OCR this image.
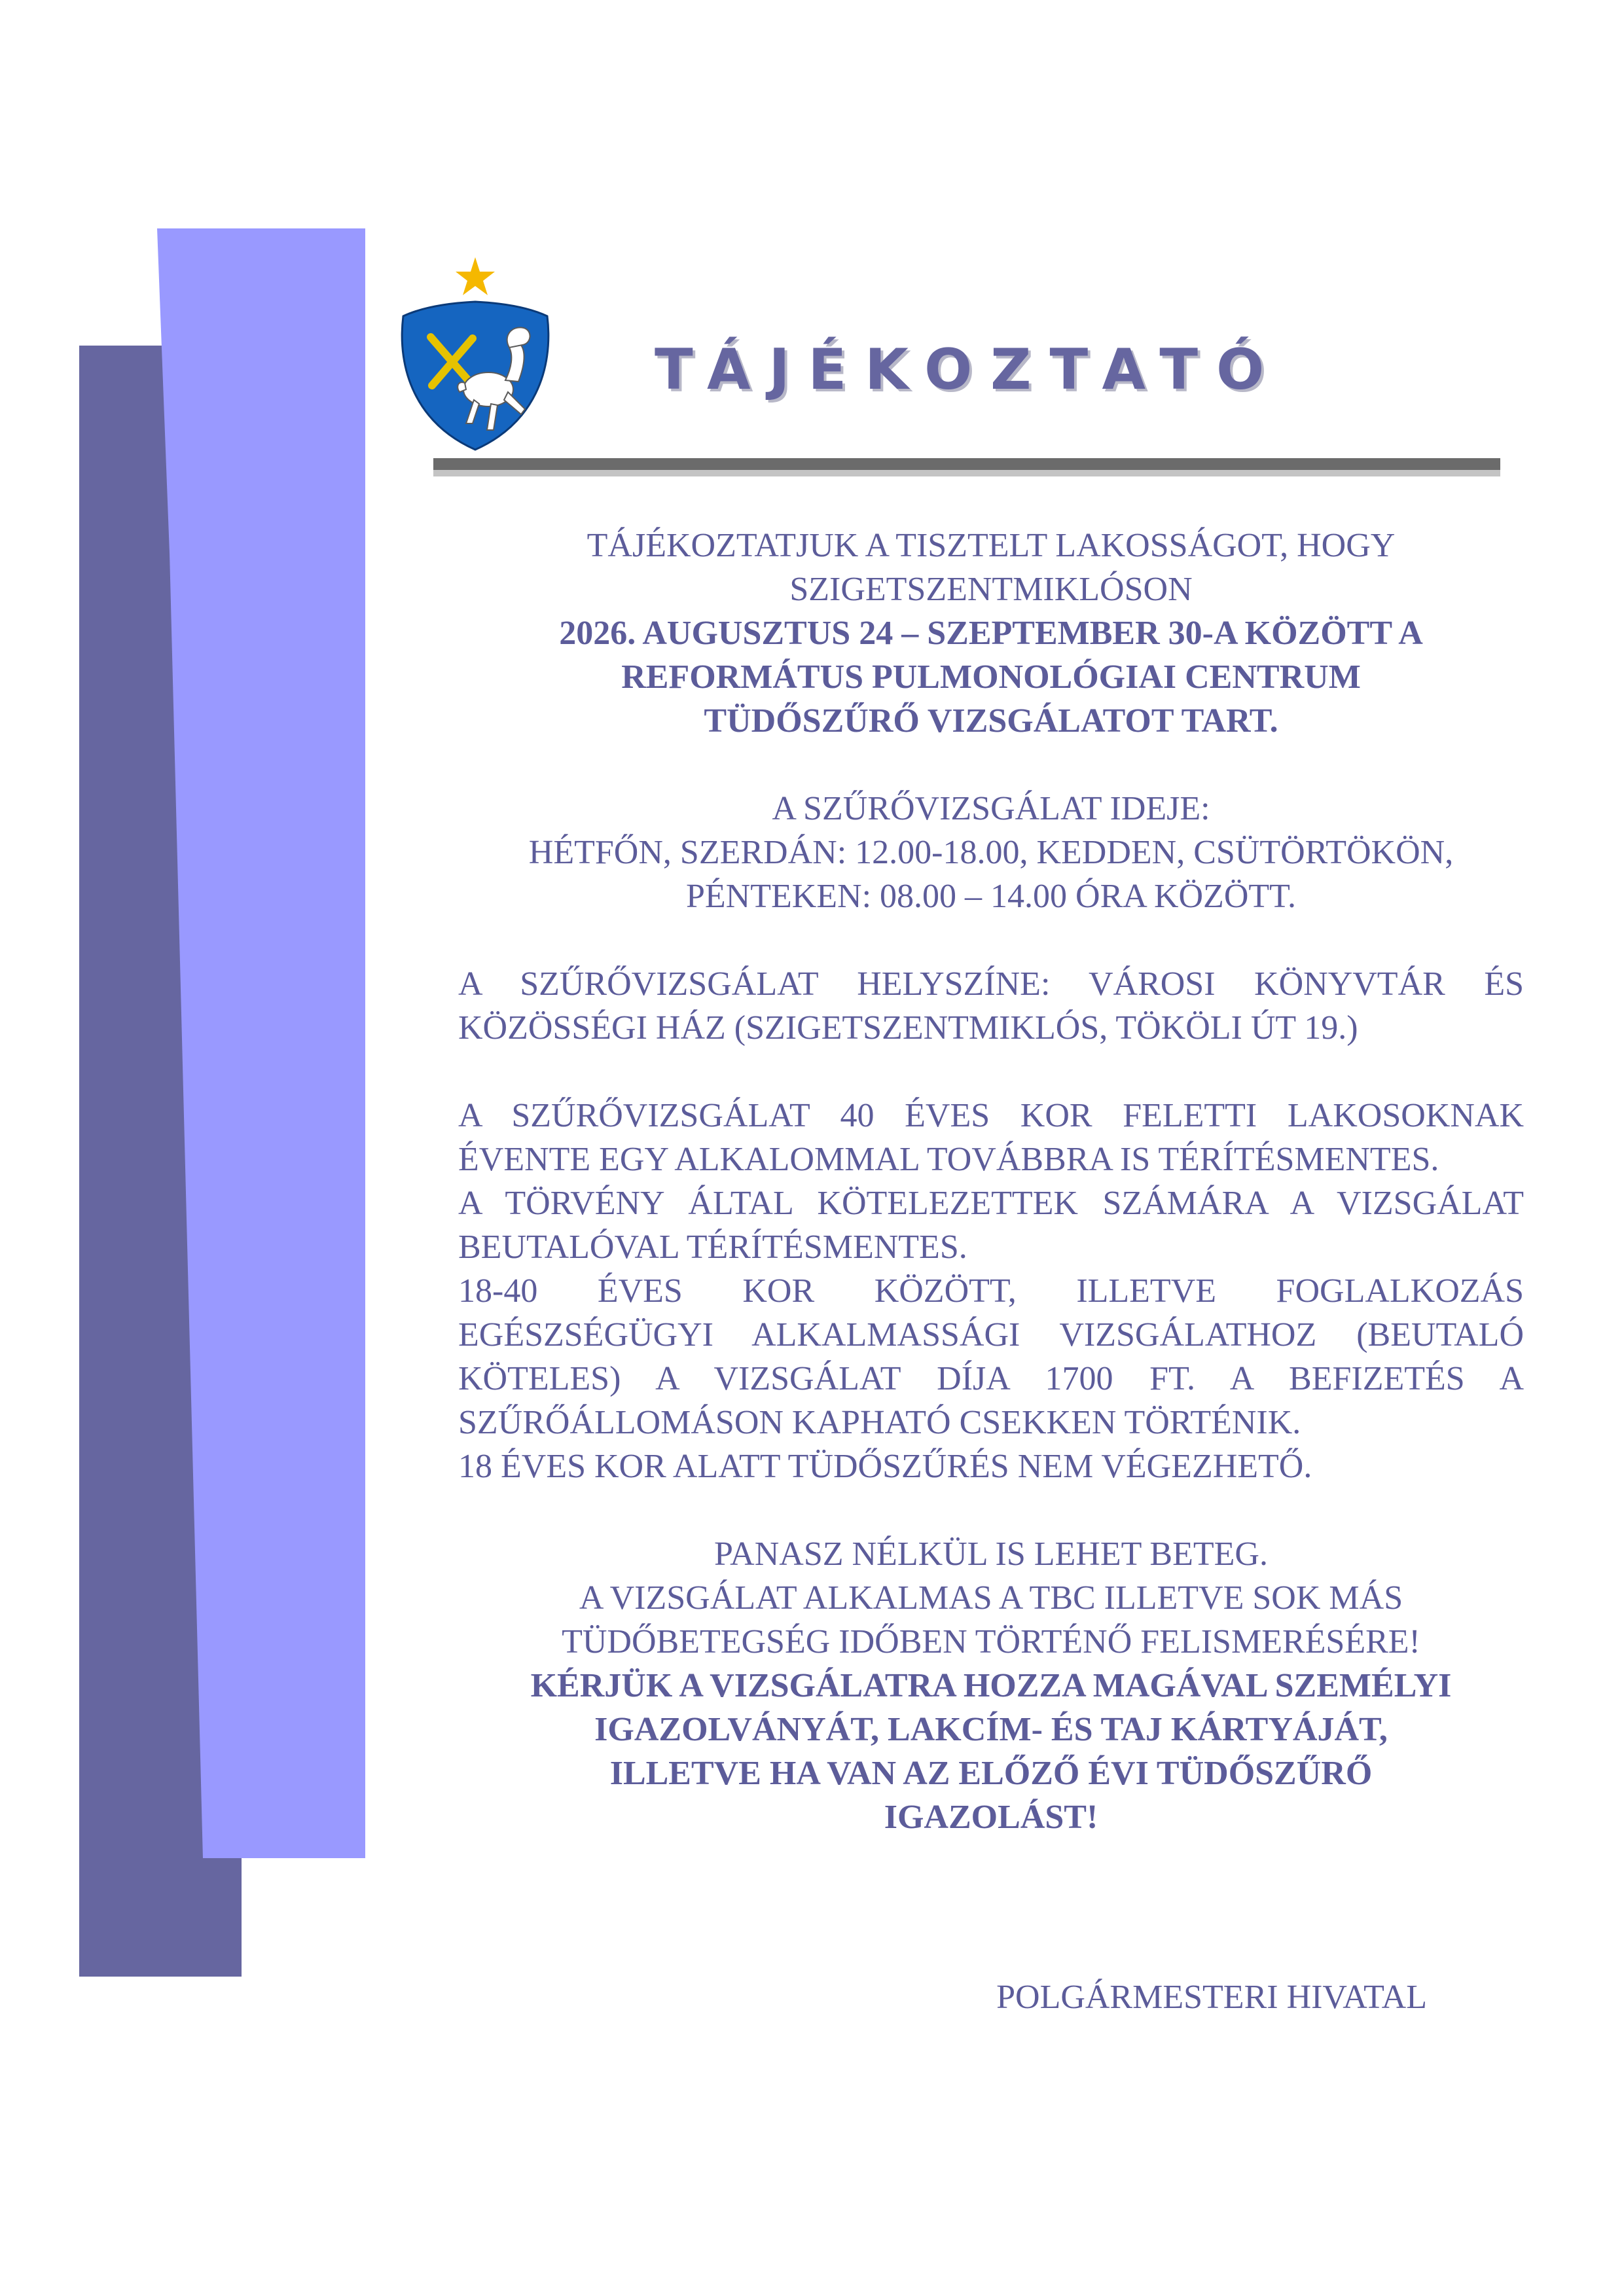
TÁJÉKOZTATÓ

TÁJÉKOZTATJUK A TISZTELT LAKOSSÁGOT, HOGY

SZIGETSZENTMIKLÓSON

2026. AUGUSZTUS 24 – SZEPTEMBER 30-A KÖZÖTT A

REFORMÁTUS PULMONOLÓGIAI CENTRUM

TÜDŐSZŰRŐ VIZSGÁLATOT TART.

A SZŰRŐVIZSGÁLAT IDEJE:

HÉTFŐN, SZERDÁN: 12.00-18.00, KEDDEN, CSÜTÖRTÖKÖN,

PÉNTEKEN: 08.00 – 14.00 ÓRA KÖZÖTT.

A SZŰRŐVIZSGÁLAT HELYSZÍNE: VÁROSI KÖNYVTÁR ÉS KÖZÖSSÉGI HÁZ (SZIGETSZENTMIKLÓS, TÖKÖLI ÚT 19.)

A SZŰRŐVIZSGÁLAT 40 ÉVES KOR FELETTI LAKOSOKNAK ÉVENTE EGY ALKALOMMAL TOVÁBBRA IS TÉRÍTÉSMENTES.

A TÖRVÉNY ÁLTAL KÖTELEZETTEK SZÁMÁRA A VIZSGÁLAT BEUTALÓVAL TÉRÍTÉSMENTES.

18-40 ÉVES KOR KÖZÖTT, ILLETVE FOGLALKOZÁS EGÉSZSÉGÜGYI ALKALMASSÁGI VIZSGÁLATHOZ (BEUTALÓ KÖTELES) A VIZSGÁLAT DÍJA 1700 FT. A BEFIZETÉS A SZŰRŐÁLLOMÁSON KAPHATÓ CSEKKEN TÖRTÉNIK.

18 ÉVES KOR ALATT TÜDŐSZŰRÉS NEM VÉGEZHETŐ.

PANASZ NÉLKÜL IS LEHET BETEG.

A VIZSGÁLAT ALKALMAS A TBC ILLETVE SOK MÁS

TÜDŐBETEGSÉG IDŐBEN TÖRTÉNŐ FELISMERÉSÉRE!

KÉRJÜK A VIZSGÁLATRA HOZZA MAGÁVAL SZEMÉLYI

IGAZOLVÁNYÁT, LAKCÍM- ÉS TAJ KÁRTYÁJÁT,

ILLETVE HA VAN AZ ELŐZŐ ÉVI TÜDŐSZŰRŐ

IGAZOLÁST!

POLGÁRMESTERI HIVATAL
